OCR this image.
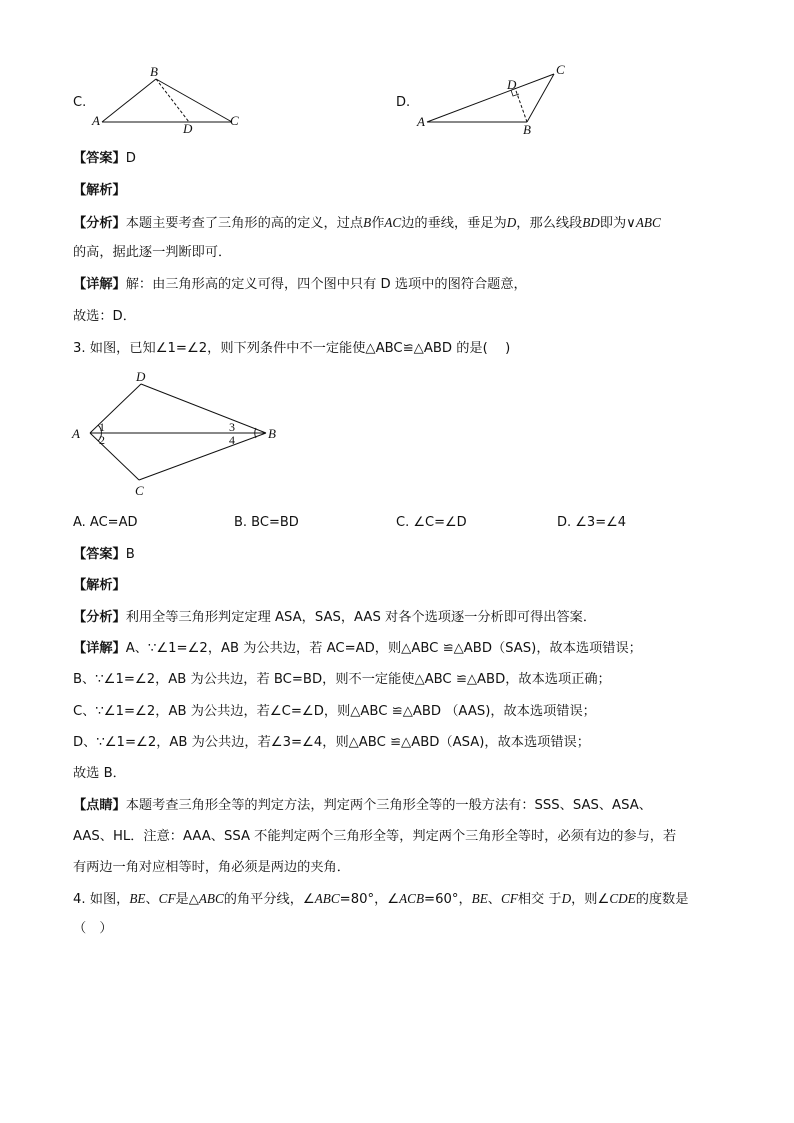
C.
A
B
C
D
D.
A
B
C
D
【答案】D
【解析】
【分析】本题主要考查了三角形的高的定义，过点B作AC边的垂线，垂足为D，那么线段BD即为∨ABC
的高，据此逐一判断即可．
【详解】解：由三角形高的定义可得，四个图中只有 D 选项中的图符合题意，
故选：D．
3. 如图，已知∠1=∠2，则下列条件中不一定能使△ABC≌△ABD 的是(　 )
A	B
C
D
1
2
3
4
A. AC=AD	B. BC=BD	C. ∠C=∠D	D. ∠3=∠4
【答案】B
【解析】
【分析】利用全等三角形判定定理 ASA，SAS，AAS 对各个选项逐一分析即可得出答案．
【详解】A、∵∠1=∠2，AB 为公共边，若 AC=AD，则△ABC ≌△ABD（SAS)，故本选项错误；
B、∵∠1=∠2，AB 为公共边，若 BC=BD，则不一定能使△ABC ≌△ABD，故本选项正确；
C、∵∠1=∠2，AB 为公共边，若∠C=∠D，则△ABC ≌△ABD （AAS)，故本选项错误；
D、∵∠1=∠2，AB 为公共边，若∠3=∠4，则△ABC ≌△ABD（ASA)，故本选项错误；
故选 B．
【点睛】本题考查三角形全等的判定方法，判定两个三角形全等的一般方法有：SSS、SAS、ASA、
AAS、HL．注意：AAA、SSA 不能判定两个三角形全等，判定两个三角形全等时，必须有边的参与，若
有两边一角对应相等时，角必须是两边的夹角．
4. 如图，BE、CF是△ABC的角平分线，∠ABC=80°，∠ACB=60°，BE、CF相交 于D，则∠CDE的度数是
（　）
